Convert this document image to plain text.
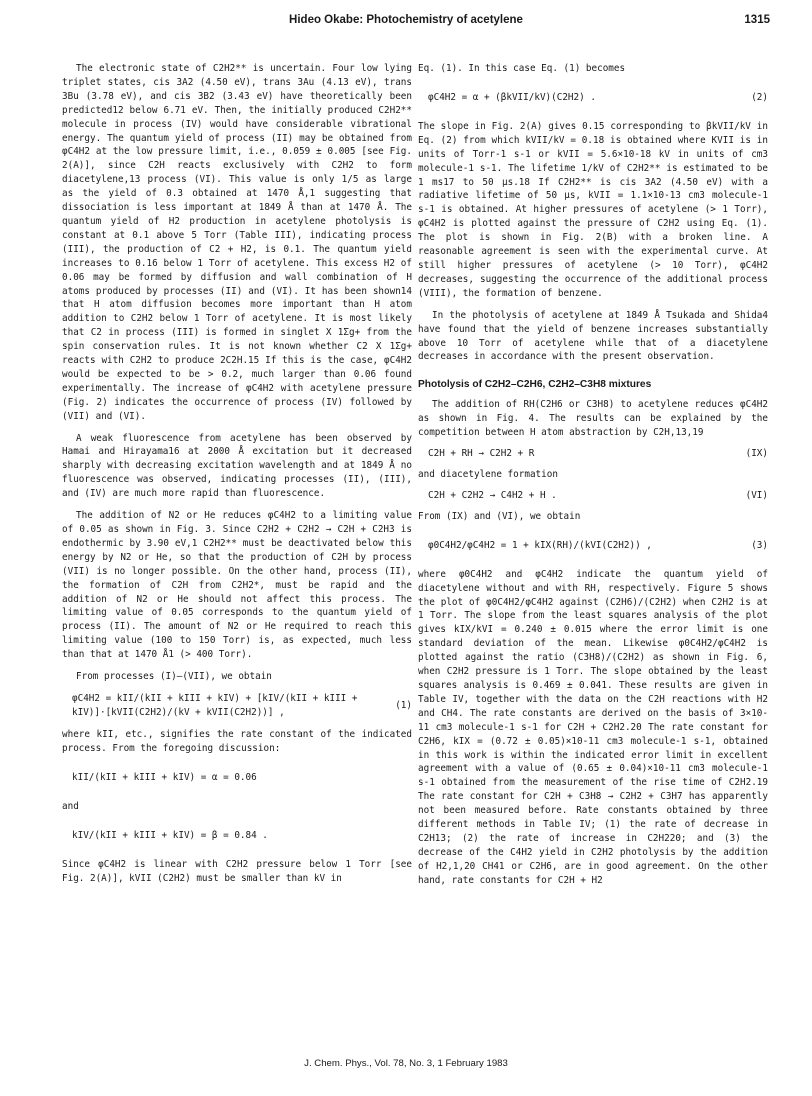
Hideo Okabe: Photochemistry of acetylene	1315

The electronic state of C2H2** is uncertain. Four low lying triplet states, cis 3A2 (4.50 eV), trans 3Au (4.13 eV), trans 3Bu (3.78 eV), and cis 3B2 (3.43 eV) have theoretically been predicted12 below 6.71 eV. Then, the initially produced C2H2** molecule in process (IV) would have considerable vibrational energy. The quantum yield of process (II) may be obtained from φC4H2 at the low pressure limit, i.e., 0.059 ± 0.005 [see Fig. 2(A)], since C2H reacts exclusively with C2H2 to form diacetylene,13 process (VI). This value is only 1/5 as large as the yield of 0.3 obtained at 1470 Å,1 suggesting that dissociation is less important at 1849 Å than at 1470 Å. The quantum yield of H2 production in acetylene photolysis is constant at 0.1 above 5 Torr (Table III), indicating process (III), the production of C2 + H2, is 0.1. The quantum yield increases to 0.16 below 1 Torr of acetylene. This excess H2 of 0.06 may be formed by diffusion and wall combination of H atoms produced by processes (II) and (VI). It has been shown14 that H atom diffusion becomes more important than H atom addition to C2H2 below 1 Torr of acetylene. It is most likely that C2 in process (III) is formed in singlet X 1Σg+ from the spin conservation rules. It is not known whether C2 X 1Σg+ reacts with C2H2 to produce 2C2H.15 If this is the case, φC4H2 would be expected to be > 0.2, much larger than 0.06 found experimentally. The increase of φC4H2 with acetylene pressure (Fig. 2) indicates the occurrence of process (IV) followed by (VII) and (VI).

A weak fluorescence from acetylene has been observed by Hamai and Hirayama16 at 2000 Å excitation but it decreased sharply with decreasing excitation wavelength and at 1849 Å no fluorescence was observed, indicating processes (II), (III), and (IV) are much more rapid than fluorescence.

The addition of N2 or He reduces φC4H2 to a limiting value of 0.05 as shown in Fig. 3. Since C2H2 + C2H2 → C2H + C2H3 is endothermic by 3.90 eV,1 C2H2** must be deactivated below this energy by N2 or He, so that the production of C2H by process (VII) is no longer possible. On the other hand, process (II), the formation of C2H from C2H2*, must be rapid and the addition of N2 or He should not affect this process. The limiting value of 0.05 corresponds to the quantum yield of process (II). The amount of N2 or He required to reach this limiting value (100 to 150 Torr) is, as expected, much less than that at 1470 Å1 (> 400 Torr).

From processes (I)–(VII), we obtain

φC4H2 = kII/(kII + kIII + kIV) + [kIV/(kII + kIII + kIV)]·[kVII(C2H2)/(kV + kVII(C2H2))] ,
(1)

where kII, etc., signifies the rate constant of the indicated process. From the foregoing discussion:

kII/(kII + kIII + kIV) = α = 0.06

and

kIV/(kII + kIII + kIV) = β = 0.84 .

Since φC4H2 is linear with C2H2 pressure below 1 Torr [see Fig. 2(A)], kVII (C2H2) must be smaller than kV in

Eq. (1). In this case Eq. (1) becomes

φC4H2 = α + (βkVII/kV)(C2H2) .	(2)

The slope in Fig. 2(A) gives 0.15 corresponding to βkVII/kV in Eq. (2) from which kVII/kV = 0.18 is obtained where KVII is in units of Torr-1 s-1 or kVII = 5.6×10-18 kV in units of cm3 molecule-1 s-1. The lifetime 1/kV of C2H2** is estimated to be 1 ms17 to 50 μs.18 If C2H2** is cis 3A2 (4.50 eV) with a radiative lifetime of 50 μs, kVII = 1.1×10-13 cm3 molecule-1 s-1 is obtained. At higher pressures of acetylene (> 1 Torr), φC4H2 is plotted against the pressure of C2H2 using Eq. (1). The plot is shown in Fig. 2(B) with a broken line. A reasonable agreement is seen with the experimental curve. At still higher pressures of acetylene (> 10 Torr), φC4H2 decreases, suggesting the occurrence of the additional process (VIII), the formation of benzene.

In the photolysis of acetylene at 1849 Å Tsukada and Shida4 have found that the yield of benzene increases substantially above 10 Torr of acetylene while that of a diacetylene decreases in accordance with the present observation.

Photolysis of C2H2–C2H6, C2H2–C3H8 mixtures

The addition of RH(C2H6 or C3H8) to acetylene reduces φC4H2 as shown in Fig. 4. The results can be explained by the competition between H atom abstraction by C2H,13,19

C2H + RH → C2H2 + R	(IX)

and diacetylene formation

C2H + C2H2 → C4H2 + H .	(VI)

From (IX) and (VI), we obtain

φ0C4H2/φC4H2 = 1 + kIX(RH)/(kVI(C2H2)) ,	(3)

where φ0C4H2 and φC4H2 indicate the quantum yield of diacetylene without and with RH, respectively. Figure 5 shows the plot of φ0C4H2/φC4H2 against (C2H6)/(C2H2) when C2H2 is at 1 Torr. The slope from the least squares analysis of the plot gives kIX/kVI = 0.240 ± 0.015 where the error limit is one standard deviation of the mean. Likewise φ0C4H2/φC4H2 is plotted against the ratio (C3H8)/(C2H2) as shown in Fig. 6, when C2H2 pressure is 1 Torr. The slope obtained by the least squares analysis is 0.469 ± 0.041. These results are given in Table IV, together with the data on the C2H reactions with H2 and CH4. The rate constants are derived on the basis of 3×10-11 cm3 molecule-1 s-1 for C2H + C2H2.20 The rate constant for C2H6, kIX = (0.72 ± 0.05)×10-11 cm3 molecule-1 s-1, obtained in this work is within the indicated error limit in excellent agreement with a value of (0.65 ± 0.04)×10-11 cm3 molecule-1 s-1 obtained from the measurement of the rise time of C2H2.19 The rate constant for C2H + C3H8 → C2H2 + C3H7 has apparently not been measured before. Rate constants obtained by three different methods in Table IV; (1) the rate of decrease in C2H13; (2) the rate of increase in C2H220; and (3) the decrease of the C4H2 yield in C2H2 photolysis by the addition of H2,1,20 CH41 or C2H6, are in good agreement. On the other hand, rate constants for C2H + H2

J. Chem. Phys., Vol. 78, No. 3, 1 February 1983
